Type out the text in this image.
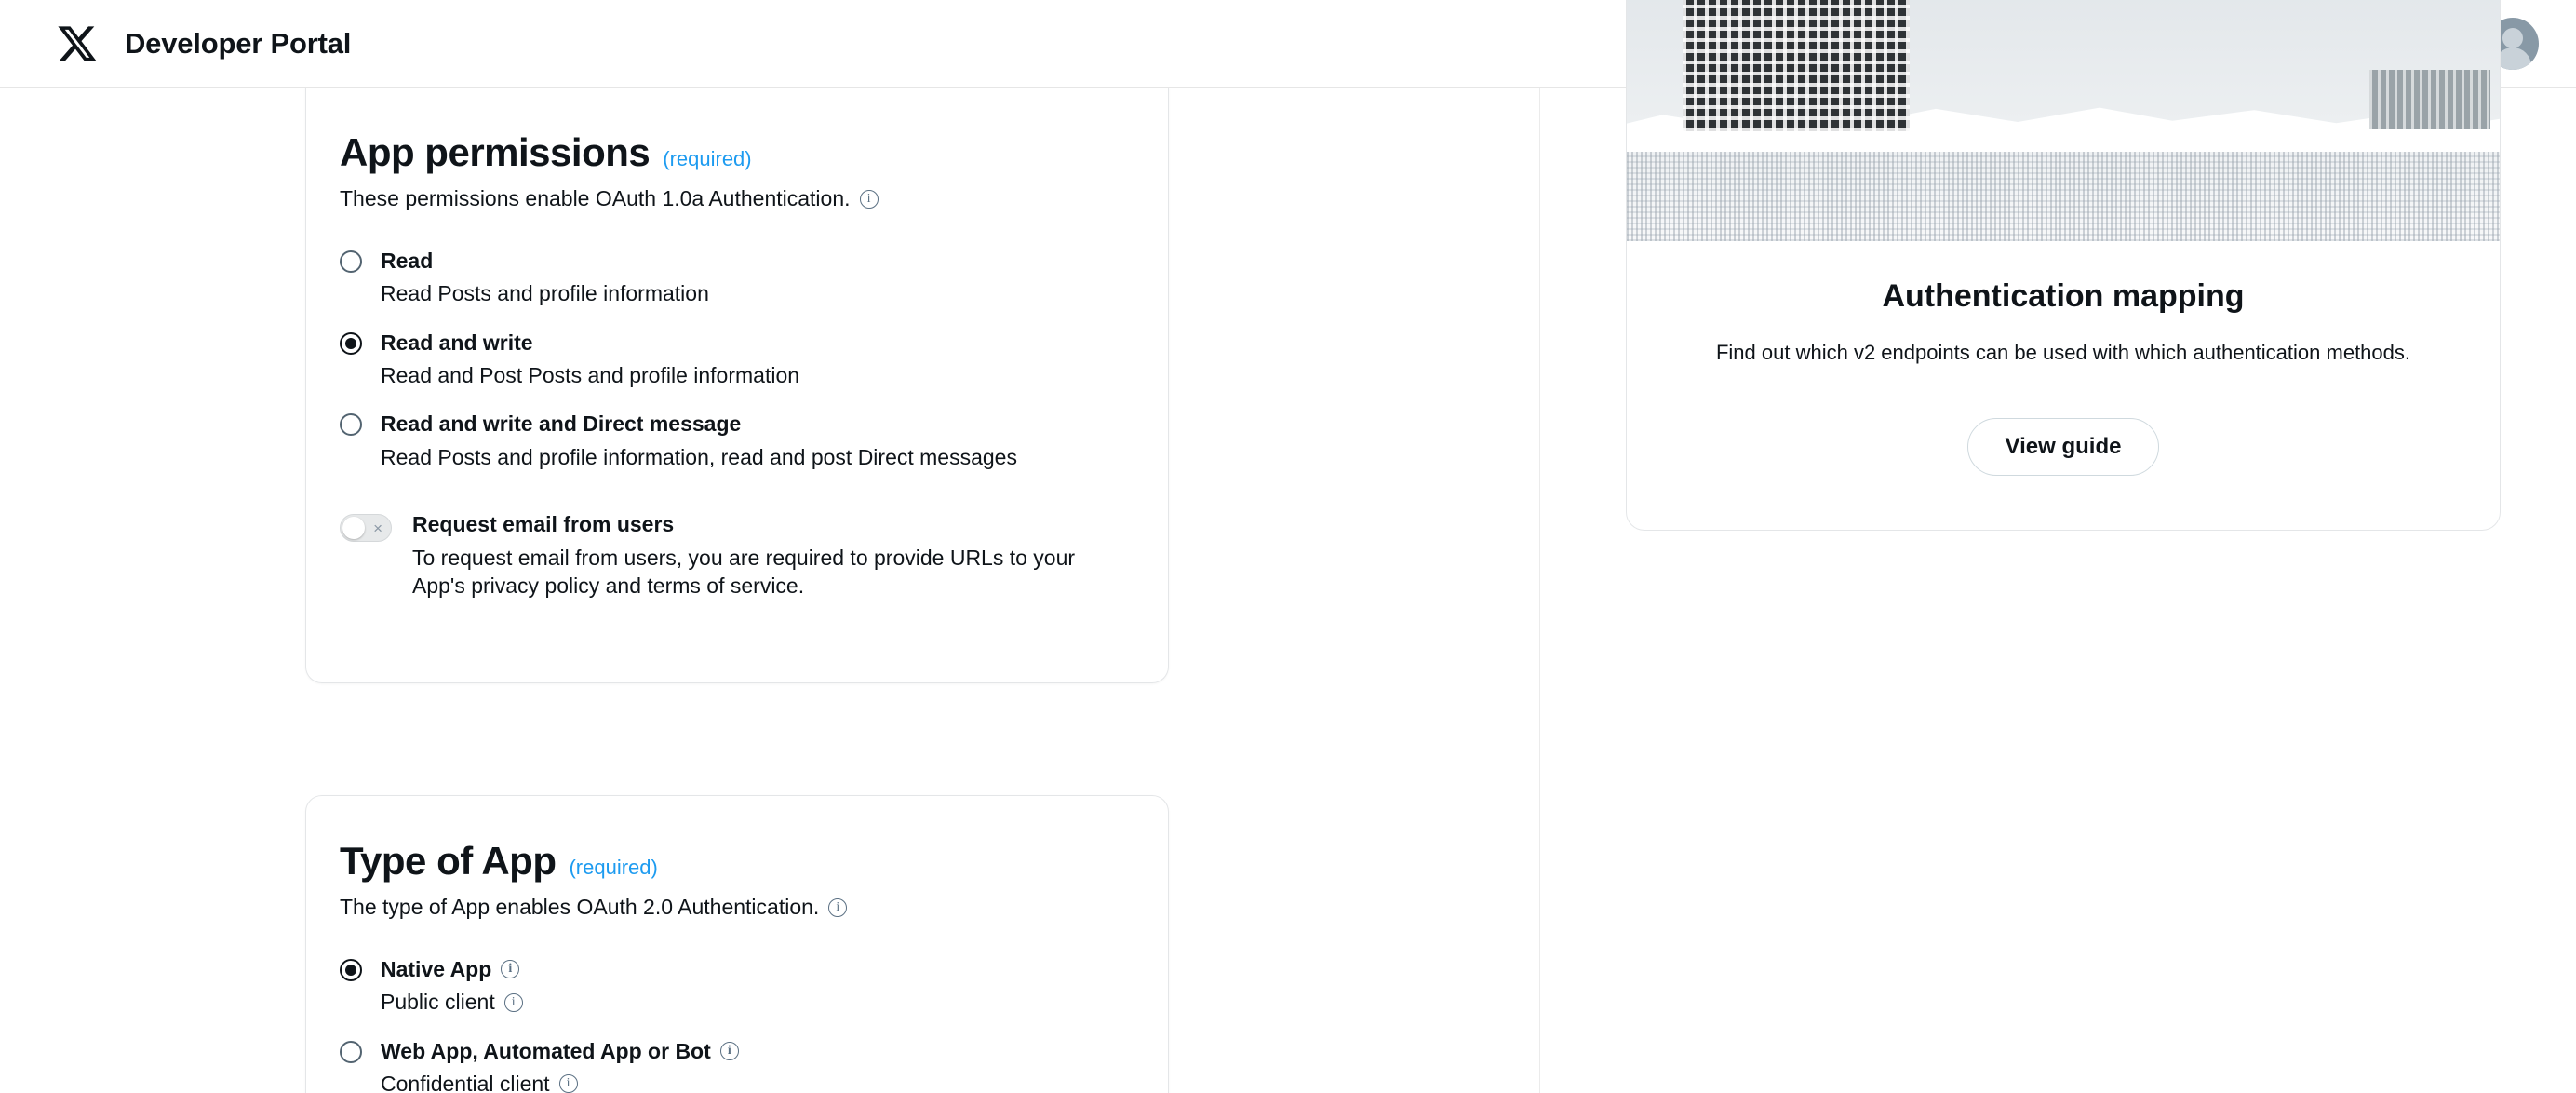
Developer Portal
App permissions (required)
These permissions enable OAuth 1.0a Authentication.
i
Read
Read Posts and profile information
Read and write
Read and Post Posts and profile information
Read and write and Direct message
Read Posts and profile information, read and post Direct messages
× Request email from users
To request email from users, you are required to provide URLs to your App's privacy policy and terms of service.
Type of App (required)
The type of App enables OAuth 2.0 Authentication.
i
Native App
i
Public client
i
Web App, Automated App or Bot
i
Confidential client
i
Authentication mapping

Find out which v2 endpoints can be used with which authentication methods.

View guide
